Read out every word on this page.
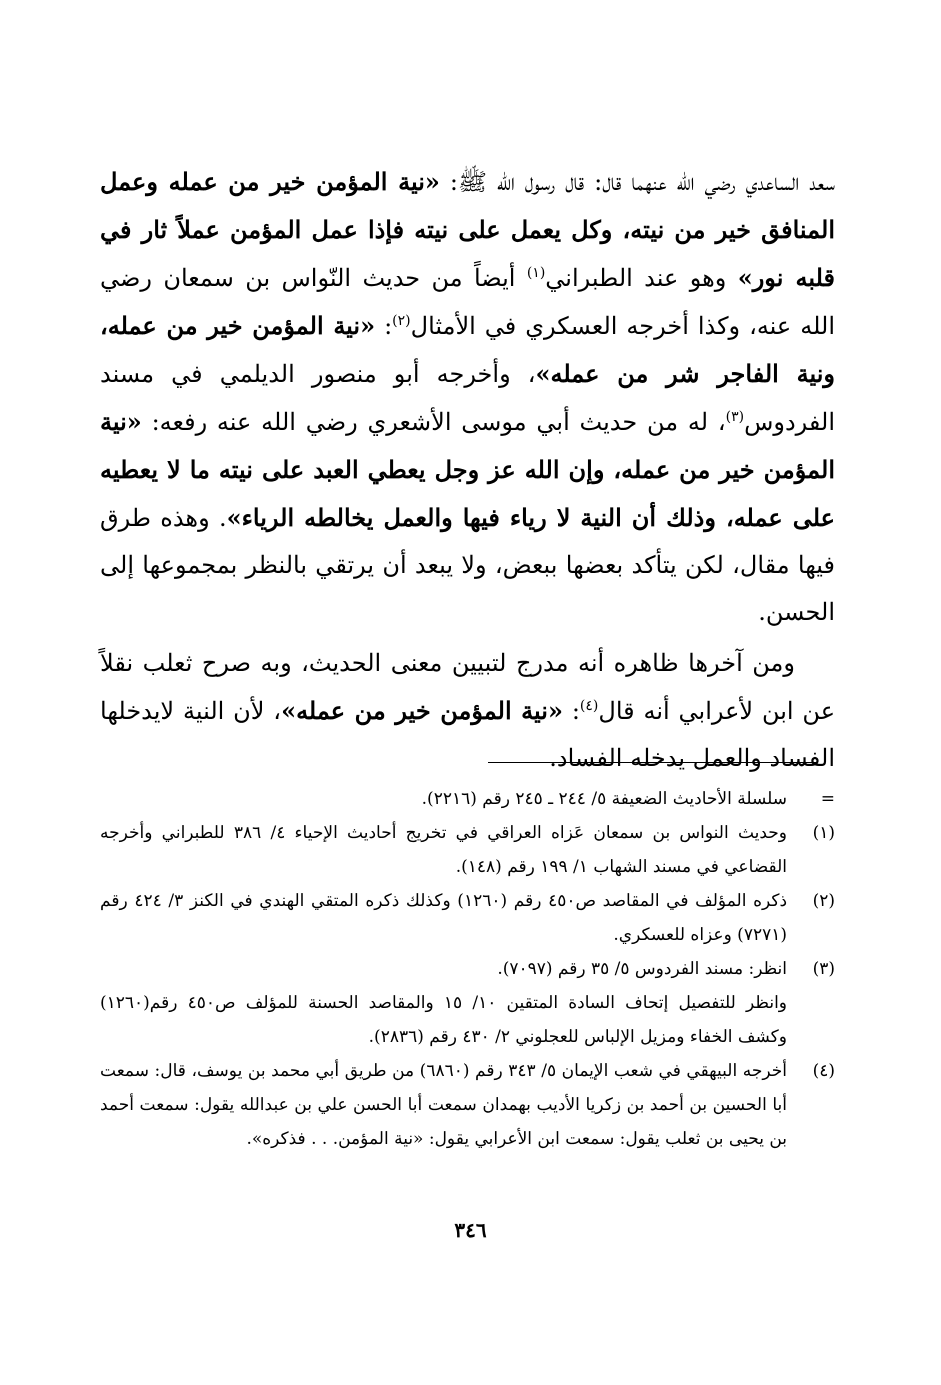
سعد الساعدي رضي الله عنهما قال: قال رسول الله ﷺ: «نية المؤمن خير من عمله وعمل المنافق خير من نيته، وكل يعمل على نيته فإذا عمل المؤمن عملاً ثار في قلبه نور» وهو عند الطبراني$^{(١)}$ أيضاً من حديث النّواس بن سمعان رضي الله عنه، وكذا أخرجه العسكري في الأمثال$^{(٢)}$: «نية المؤمن خير من عمله، ونية الفاجر شر من عمله»، وأخرجه أبو منصور الديلمي في مسند الفردوس$^{(٣)}$، له من حديث أبي موسى الأشعري رضي الله عنه رفعه: «نية المؤمن خير من عمله، وإن الله عز وجل يعطي العبد على نيته ما لا يعطيه على عمله، وذلك أن النية لا رياء فيها والعمل يخالطه الرياء». وهذه طرق فيها مقال، لكن يتأكد بعضها ببعض، ولا يبعد أن يرتقي بالنظر بمجموعها إلى الحسن.

ومن آخرها ظاهره أنه مدرج لتبيين معنى الحديث، وبه صرح ثعلب نقلاً عن ابن لأعرابي أنه قال$^{(٤)}$: «نية المؤمن خير من عمله»، لأن النية لايدخلها الفساد والعمل يدخله الفساد.

=

سلسلة الأحاديث الضعيفة ٥/ ٢٤٤ ـ ٢٤٥ رقم (٢٢١٦).

(١)

وحديث النواس بن سمعان عَزاه العراقي في تخريج أحاديث الإحياء ٤/ ٣٨٦ للطبراني وأخرجه القضاعي في مسند الشهاب ١/ ١٩٩ رقم (١٤٨).

(٢)

ذكره المؤلف في المقاصد ص٤٥٠ رقم (١٢٦٠) وكذلك ذكره المتقي الهندي في الكنز ٣/ ٤٢٤ رقم (٧٢٧١) وعزاه للعسكري.

(٣)

انظر: مسند الفردوس ٥/ ٣٥ رقم (٧٠٩٧).

وانظر للتفصيل إتحاف السادة المتقين ١٠/ ١٥ والمقاصد الحسنة للمؤلف ص٤٥٠ رقم(١٢٦٠) وكشف الخفاء ومزيل الإلباس للعجلوني ٢/ ٤٣٠ رقم (٢٨٣٦).

(٤)

أخرجه البيهقي في شعب الإيمان ٥/ ٣٤٣ رقم (٦٨٦٠) من طريق أبي محمد بن يوسف، قال: سمعت أبا الحسين بن أحمد بن زكريا الأديب بهمدان سمعت أبا الحسن علي بن عبدالله يقول: سمعت أحمد بن يحيى بن ثعلب يقول: سمعت ابن الأعرابي يقول: «نية المؤمن. . . فذكره».

٣٤٦
